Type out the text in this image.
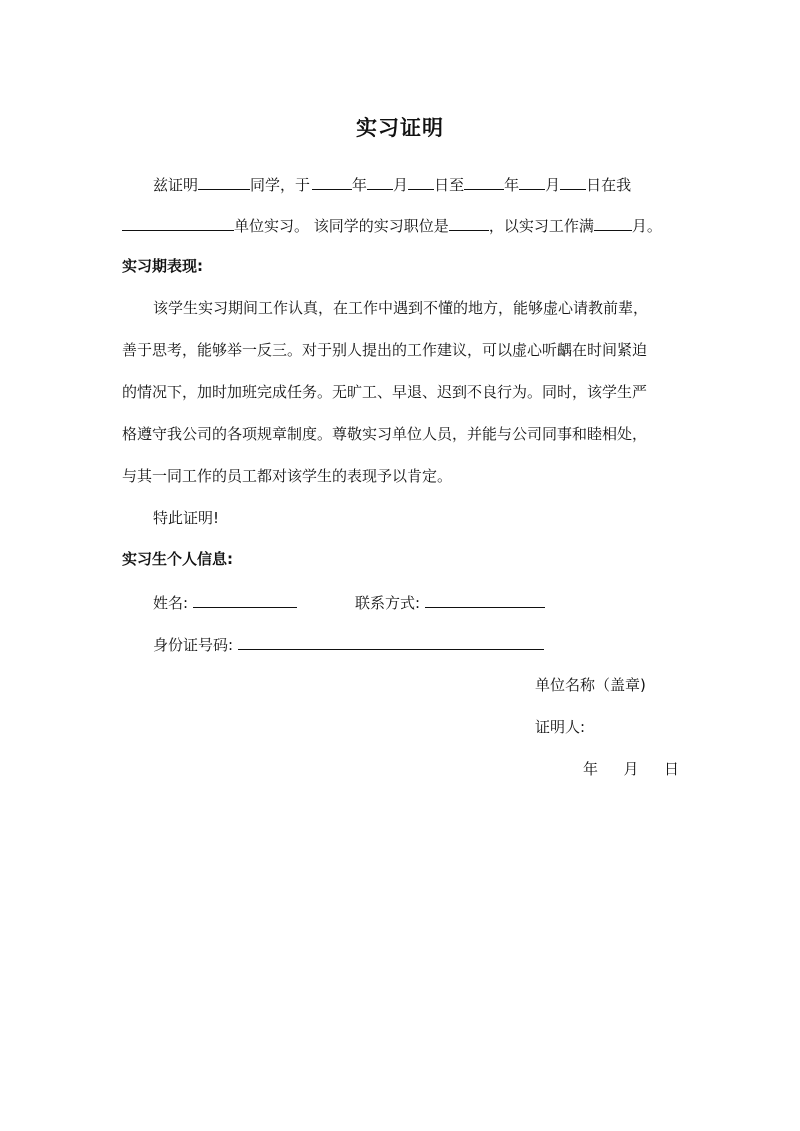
实习证明
兹证明	同学，于	年 月 日至	年 月 日在我
单位实习。 该同学的实习职位是	，以实习工作满	月。
实习期表现:
该学生实习期间工作认真，在工作中遇到不懂的地方，能够虚心请教前辈，
善于思考，能够举一反三。对于别人提出的工作建议，可以虚心听齵在时间紧迫
的情况下，加时加班完成任务。无旷工、早退、迟到不良行为。同时，该学生严
格遵守我公司的各项规章制度。尊敬实习单位人员，并能与公司同事和睦相处，
与其一同工作的员工都对该学生的表现予以肯定。
特此证明!
实习生个人信息:
姓名:	联系方式:
身份证号码:
单位名称（盖章)
证明人:
年 月 日
